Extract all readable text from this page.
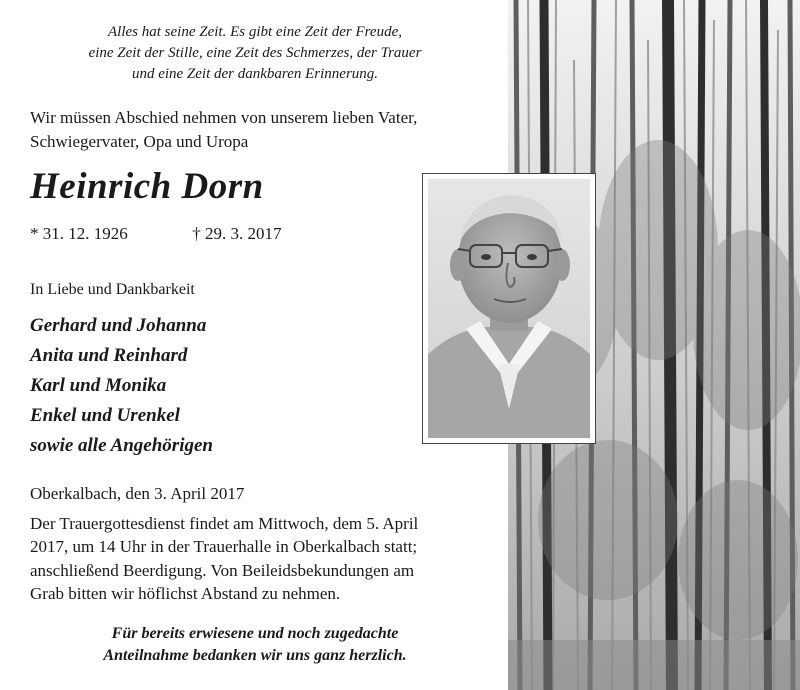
Alles hat seine Zeit. Es gibt eine Zeit der Freude,
eine Zeit der Stille, eine Zeit des Schmerzes, der Trauer
und eine Zeit der dankbaren Erinnerung.
Wir müssen Abschied nehmen von unserem lieben Vater,
Schwiegervater, Opa und Uropa
Heinrich Dorn
* 31. 12. 1926	† 29. 3. 2017
In Liebe und Dankbarkeit
Gerhard und Johanna
Anita und Reinhard
Karl und Monika
Enkel und Urenkel
sowie alle Angehörigen
Oberkalbach, den 3. April 2017
Der Trauergottesdienst findet am Mittwoch, dem 5. April
2017, um 14 Uhr in der Trauerhalle in Oberkalbach statt;
anschließend Beerdigung. Von Beileidsbekundungen am
Grab bitten wir höflichst Abstand zu nehmen.
Für bereits erwiesene und noch zugedachte
Anteilnahme bedanken wir uns ganz herzlich.
